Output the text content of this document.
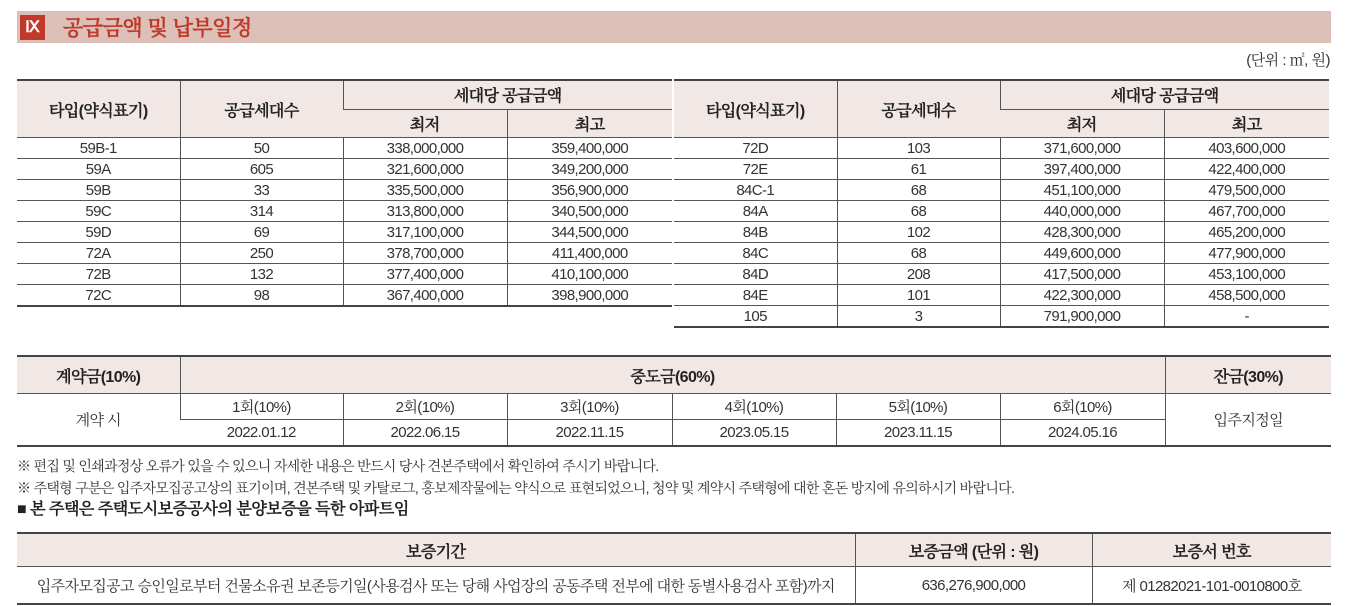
Ⅸ 공급금액 및 납부일정
(단위 : ㎡, 원)
타입(약식표기)	공급세대수	세대당 공급금액	
		최저	최고
59B-1	50	338,000,000	359,400,000
59A	605	321,600,000	349,200,000
59B	33	335,500,000	356,900,000
59C	314	313,800,000	340,500,000
59D	69	317,100,000	344,500,000
72A	250	378,700,000	411,400,000
72B	132	377,400,000	410,100,000
72C	98	367,400,000	398,900,000
타입(약식표기)	공급세대수	세대당 공급금액	
		최저	최고
72D	103	371,600,000	403,600,000
72E	61	397,400,000	422,400,000
84C-1	68	451,100,000	479,500,000
84A	68	440,000,000	467,700,000
84B	102	428,300,000	465,200,000
84C	68	449,600,000	477,900,000
84D	208	417,500,000	453,100,000
84E	101	422,300,000	458,500,000
105	3	791,900,000	-
계약금(10%)	중도금(60%)						잔금(30%)
계약 시	1회(10%)	2회(10%)	3회(10%)	4회(10%)	5회(10%)	6회(10%)	입주지정일
	2022.01.12	2022.06.15	2022.11.15	2023.05.15	2023.11.15	2024.05.16	
※ 편집 및 인쇄과정상 오류가 있을 수 있으니 자세한 내용은 반드시 당사 견본주택에서 확인하여 주시기 바랍니다.
※ 주택형 구분은 입주자모집공고상의 표기이며, 견본주택 및 카탈로그, 홍보제작물에는 약식으로 표현되었으니, 청약 및 계약시 주택형에 대한 혼돈 방지에 유의하시기 바랍니다.
■ 본 주택은 주택도시보증공사의 분양보증을 득한 아파트임
보증기간	보증금액 (단위 : 원)	보증서 번호
입주자모집공고 승인일로부터 건물소유권 보존등기일(사용검사 또는 당해 사업장의 공동주택 전부에 대한 동별사용검사 포함)까지	636,276,900,000	제 01282021-101-0010800호
